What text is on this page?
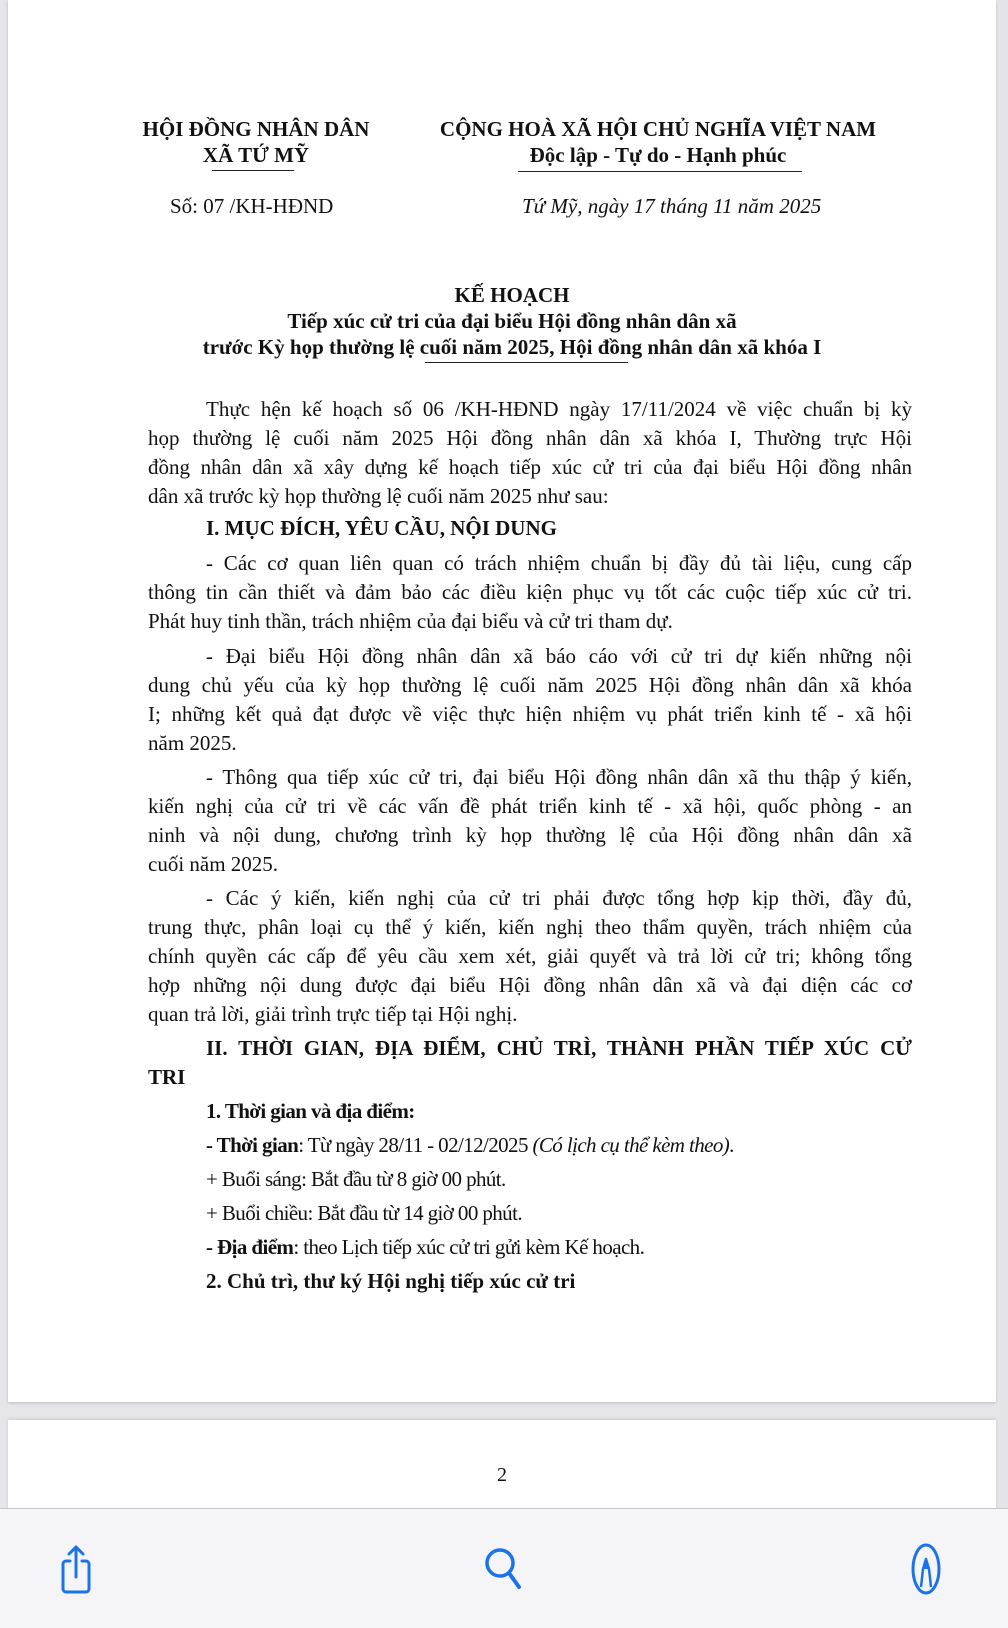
HỘI ĐỒNG NHÂN DÂN
XÃ TỨ MỸ
CỘNG HOÀ XÃ HỘI CHỦ NGHĨA VIỆT NAM
Độc lập - Tự do - Hạnh phúc
Số: 07 /KH-HĐND	Tứ Mỹ, ngày 17 tháng 11 năm 2025
KẾ HOẠCH
Tiếp xúc cử tri của đại biểu Hội đồng nhân dân xã
trước Kỳ họp thường lệ cuối năm 2025, Hội đồng nhân dân xã khóa I
Thực hện kế hoạch số 06 /KH-HĐND ngày 17/11/2024 về việc chuẩn bị kỳ
họp thường lệ cuối năm 2025 Hội đồng nhân dân xã khóa I, Thường trực Hội
đồng nhân dân xã xây dựng kế hoạch tiếp xúc cử tri của đại biểu Hội đồng nhân
dân xã trước kỳ họp thường lệ cuối năm 2025 như sau:
I. MỤC ĐÍCH, YÊU CẦU, NỘI DUNG
- Các cơ quan liên quan có trách nhiệm chuẩn bị đầy đủ tài liệu, cung cấp
thông tin cần thiết và đảm bảo các điều kiện phục vụ tốt các cuộc tiếp xúc cử tri.
Phát huy tinh thần, trách nhiệm của đại biểu và cử tri tham dự.
- Đại biểu Hội đồng nhân dân xã báo cáo với cử tri dự kiến những nội
dung chủ yếu của kỳ họp thường lệ cuối năm 2025 Hội đồng nhân dân xã khóa
I; những kết quả đạt được về việc thực hiện nhiệm vụ phát triển kinh tế - xã hội
năm 2025.
- Thông qua tiếp xúc cử tri, đại biểu Hội đồng nhân dân xã thu thập ý kiến,
kiến nghị của cử tri về các vấn đề phát triển kinh tế - xã hội, quốc phòng - an
ninh và nội dung, chương trình kỳ họp thường lệ của Hội đồng nhân dân xã
cuối năm 2025.
- Các ý kiến, kiến nghị của cử tri phải được tổng hợp kịp thời, đầy đủ,
trung thực, phân loại cụ thể ý kiến, kiến nghị theo thẩm quyền, trách nhiệm của
chính quyền các cấp để yêu cầu xem xét, giải quyết và trả lời cử tri; không tổng
hợp những nội dung được đại biểu Hội đồng nhân dân xã và đại diện các cơ
quan trả lời, giải trình trực tiếp tại Hội nghị.
II. THỜI GIAN, ĐỊA ĐIỂM, CHỦ TRÌ, THÀNH PHẦN TIẾP XÚC CỬ
TRI
1. Thời gian và địa điểm:
- Thời gian: Từ ngày 28/11 - 02/12/2025 (Có lịch cụ thể kèm theo).
+ Buổi sáng: Bắt đầu từ 8 giờ 00 phút.
+ Buổi chiều: Bắt đầu từ 14 giờ 00 phút.
- Địa điểm: theo Lịch tiếp xúc cử tri gửi kèm Kế hoạch.
2. Chủ trì, thư ký Hội nghị tiếp xúc cử tri
2
